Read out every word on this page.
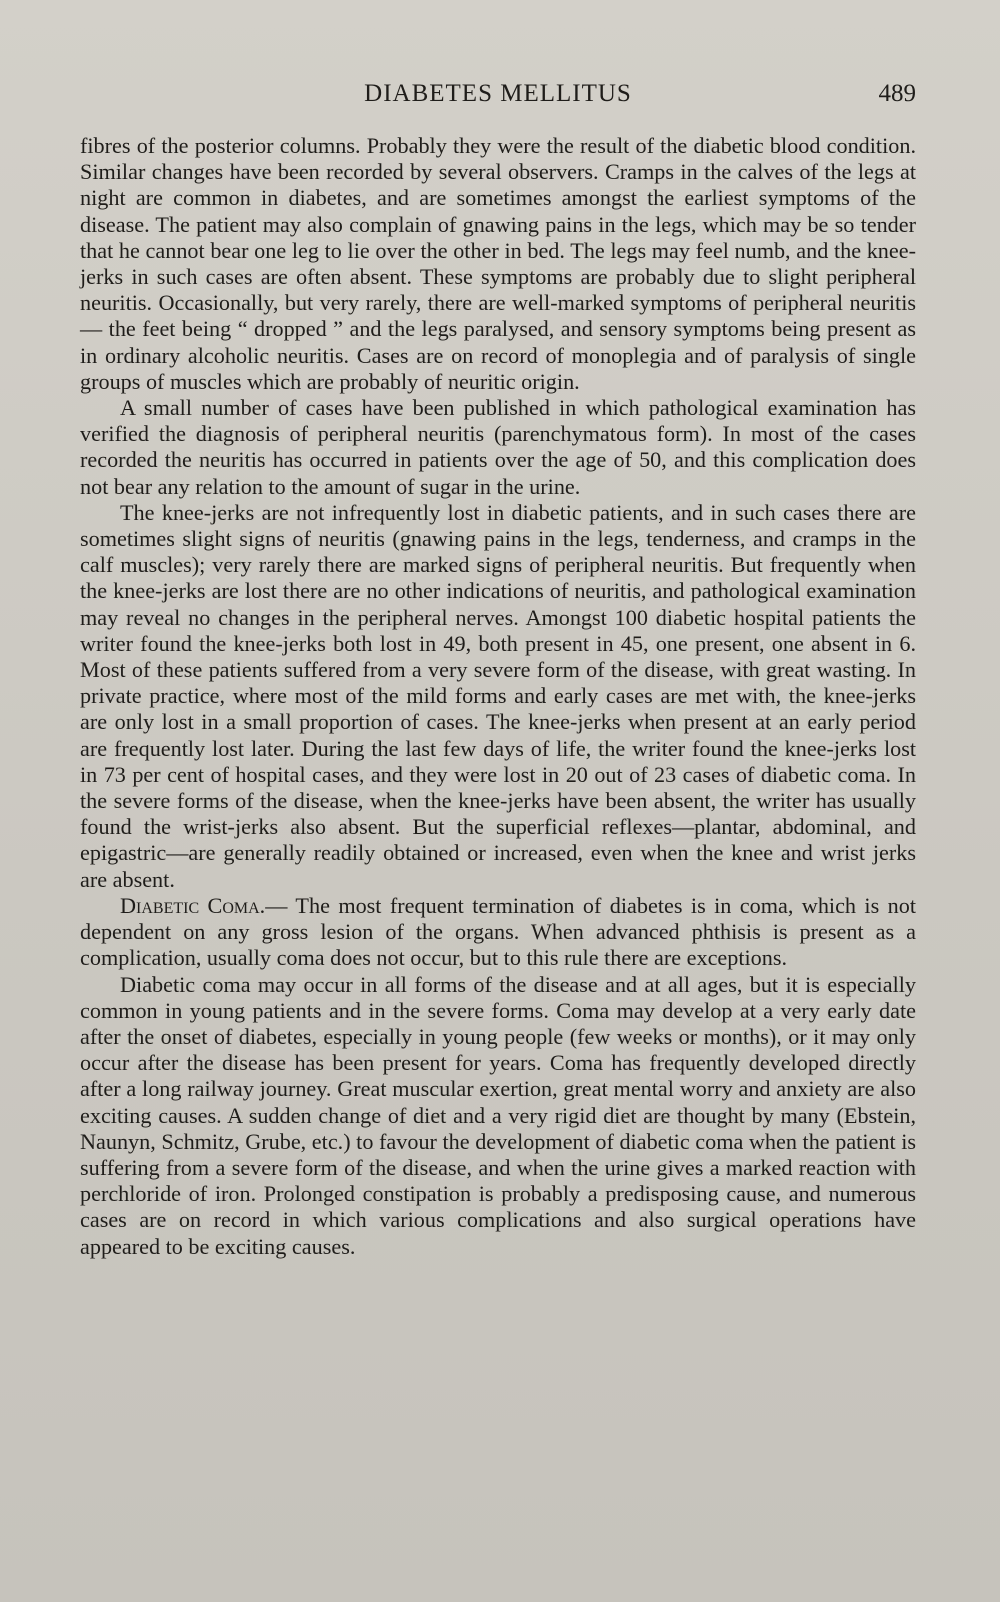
DIABETES MELLITUS	489

fibres of the posterior columns. Probably they were the result of the diabetic blood condition. Similar changes have been recorded by several observers. Cramps in the calves of the legs at night are common in diabetes, and are sometimes amongst the earliest symptoms of the disease. The patient may also complain of gnawing pains in the legs, which may be so tender that he cannot bear one leg to lie over the other in bed. The legs may feel numb, and the knee-jerks in such cases are often absent. These symptoms are probably due to slight peripheral neuritis. Occasionally, but very rarely, there are well-marked symptoms of peripheral neuritis— the feet being “ dropped ” and the legs paralysed, and sensory symptoms being present as in ordinary alcoholic neuritis. Cases are on record of monoplegia and of paralysis of single groups of muscles which are probably of neuritic origin.

A small number of cases have been published in which pathological examination has verified the diagnosis of peripheral neuritis (parenchymatous form). In most of the cases recorded the neuritis has occurred in patients over the age of 50, and this complication does not bear any relation to the amount of sugar in the urine.

The knee-jerks are not infrequently lost in diabetic patients, and in such cases there are sometimes slight signs of neuritis (gnawing pains in the legs, tenderness, and cramps in the calf muscles); very rarely there are marked signs of peripheral neuritis. But frequently when the knee-jerks are lost there are no other indications of neuritis, and pathological examination may reveal no changes in the peripheral nerves. Amongst 100 diabetic hospital patients the writer found the knee-jerks both lost in 49, both present in 45, one present, one absent in 6. Most of these patients suffered from a very severe form of the disease, with great wasting. In private practice, where most of the mild forms and early cases are met with, the knee-jerks are only lost in a small proportion of cases. The knee-jerks when present at an early period are frequently lost later. During the last few days of life, the writer found the knee-jerks lost in 73 per cent of hospital cases, and they were lost in 20 out of 23 cases of diabetic coma. In the severe forms of the disease, when the knee-jerks have been absent, the writer has usually found the wrist-jerks also absent. But the superficial reflexes—plantar, abdominal, and epigastric—are generally readily obtained or increased, even when the knee and wrist jerks are absent.

Diabetic Coma.— The most frequent termination of diabetes is in coma, which is not dependent on any gross lesion of the organs. When advanced phthisis is present as a complication, usually coma does not occur, but to this rule there are exceptions.

Diabetic coma may occur in all forms of the disease and at all ages, but it is especially common in young patients and in the severe forms. Coma may develop at a very early date after the onset of diabetes, especially in young people (few weeks or months), or it may only occur after the disease has been present for years. Coma has frequently developed directly after a long railway journey. Great muscular exertion, great mental worry and anxiety are also exciting causes. A sudden change of diet and a very rigid diet are thought by many (Ebstein, Naunyn, Schmitz, Grube, etc.) to favour the development of diabetic coma when the patient is suffering from a severe form of the disease, and when the urine gives a marked reaction with perchloride of iron. Prolonged constipation is probably a predisposing cause, and numerous cases are on record in which various complications and also surgical operations have appeared to be exciting causes.
